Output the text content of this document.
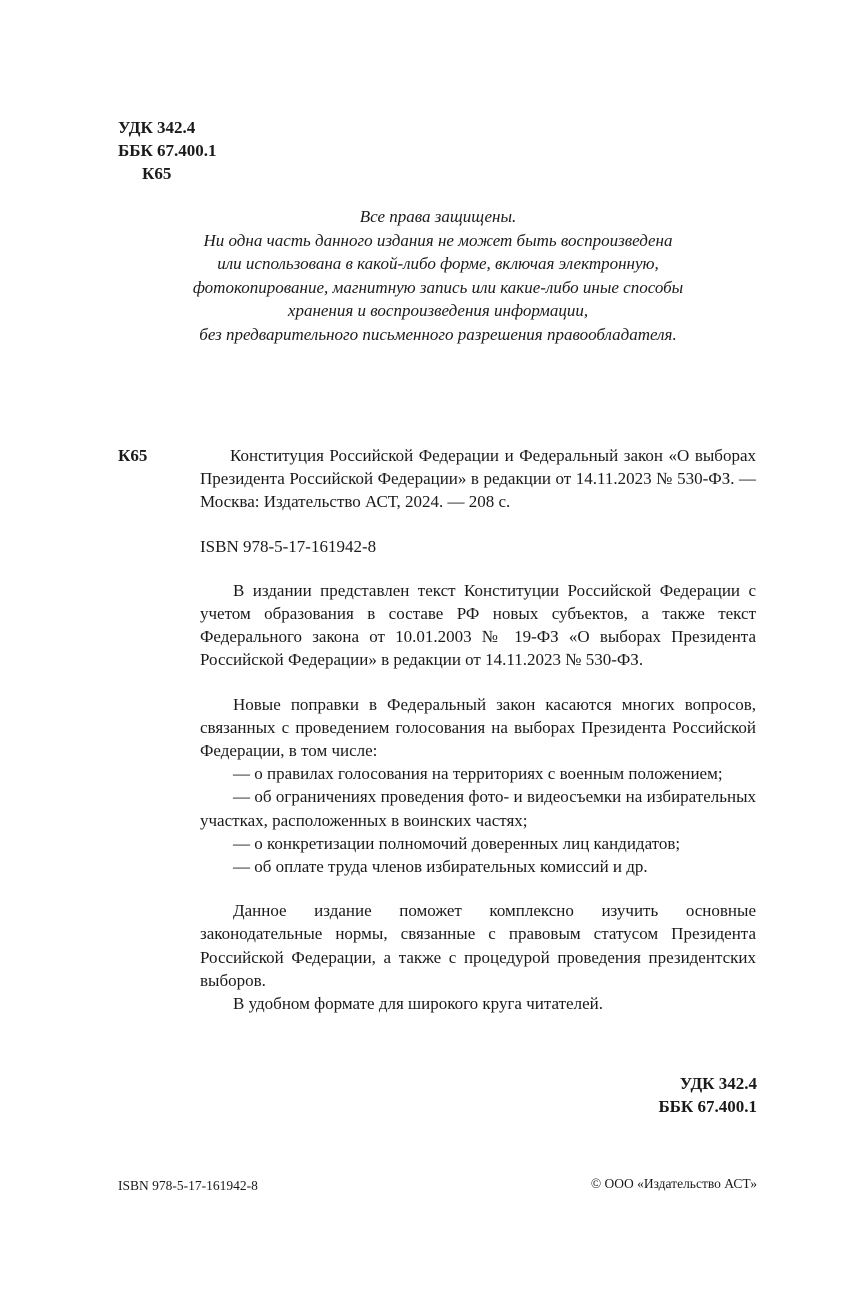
УДК 342.4
ББК 67.400.1
К65
Все права защищены.
Ни одна часть данного издания не может быть воспроизведена
или использована в какой-либо форме, включая электронную,
фотокопирование, магнитную запись или какие-либо иные способы
хранения и воспроизведения информации,
без предварительного письменного разрешения правообладателя.
К65	Конституция Российской Федерации и Федеральный закон «О выборах Президента Российской Федерации» в редакции от 14.11.2023 № 530-ФЗ. — Москва: Издательство АСТ, 2024. — 208 с.

ISBN 978-5-17-161942-8

В издании представлен текст Конституции Российской Федерации с учетом образования в составе РФ новых субъектов, а также текст Федерального закона от 10.01.2003 № 19-ФЗ «О выборах Президента Российской Федерации» в редакции от 14.11.2023 № 530-ФЗ.

Новые поправки в Федеральный закон касаются многих вопросов, связанных с проведением голосования на выборах Президента Российской Федерации, в том числе:

— о правилах голосования на территориях с военным положением;

— об ограничениях проведения фото- и видеосъемки на избирательных участках, расположенных в воинских частях;

— о конкретизации полномочий доверенных лиц кандидатов;

— об оплате труда членов избирательных комиссий и др.

Данное издание поможет комплексно изучить основные законодательные нормы, связанные с правовым статусом Президента Российской Федерации, а также с процедурой проведения президентских выборов.

В удобном формате для широкого круга читателей.

УДК 342.4
ББК 67.400.1
ISBN 978-5-17-161942-8	© ООО «Издательство АСТ»
